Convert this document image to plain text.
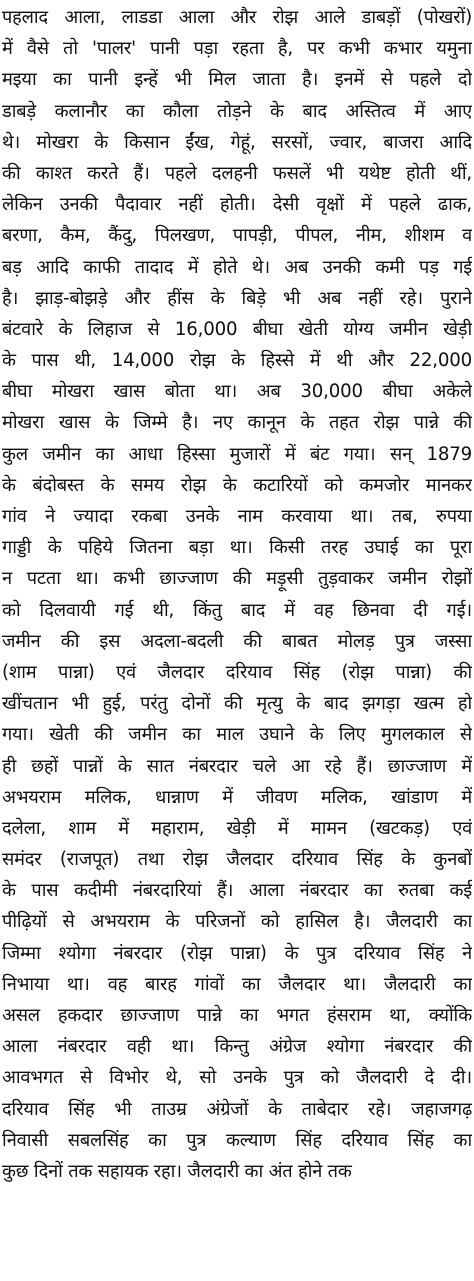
पहलाद आला, लाडडा आला और रोझ आले डाबड़ों (पोखरों)
में वैसे तो 'पालर' पानी पड़ा रहता है, पर कभी कभार यमुना
मइया का पानी इन्हें भी मिल जाता है। इनमें से पहले दो
डाबड़े कलानौर का कौला तोड़ने के बाद अस्तित्व में आए
थे। मोखरा के किसान ईंख, गेहूं, सरसों, ज्वार, बाजरा आदि
की काश्त करते हैं। पहले दलहनी फसलें भी यथेष्ट होती थीं,
लेकिन उनकी पैदावार नहीं होती। देसी वृक्षों में पहले ढाक,
बरणा, कैम, कैंदु, पिलखण, पापड़ी, पीपल, नीम, शीशम व
बड़ आदि काफी तादाद में होते थे। अब उनकी कमी पड़ गई
है। झाड़-बोझड़े और हींस के बिड़े भी अब नहीं रहे। पुराने
बंटवारे के लिहाज से 16,000 बीघा खेती योग्य जमीन खेड़ी
के पास थी, 14,000 रोझ के हिस्से में थी और 22,000
बीघा मोखरा खास बोता था। अब 30,000 बीघा अकेले
मोखरा खास के जिम्मे है। नए कानून के तहत रोझ पान्ने की
कुल जमीन का आधा हिस्सा मुजारों में बंट गया। सन् 1879
के बंदोबस्त के समय रोझ के कटारियों को कमजोर मानकर
गांव ने ज्यादा रकबा उनके नाम करवाया था। तब, रुपया
गाड्डी के पहिये जितना बड़ा था। किसी तरह उघाई का पूरा
न पटता था। कभी छाज्जाण की मड़ूसी तुड़वाकर जमीन रोझों
को दिलवायी गई थी, किंतु बाद में वह छिनवा दी गई।
जमीन की इस अदला-बदली की बाबत मोलड़ पुत्र जस्सा
(शाम पान्ना) एवं जैलदार दरियाव सिंह (रोझ पान्ना) की
खींचतान भी हुई, परंतु दोनों की मृत्यु के बाद झगड़ा खत्म हो
गया। खेती की जमीन का माल उघाने के लिए मुगलकाल से
ही छहों पान्नों के सात नंबरदार चले आ रहे हैं। छाज्जाण में
अभयराम मलिक, धान्नाण में जीवण मलिक, खांडाण में
दलेला, शाम में महाराम, खेड़ी में मामन (खटकड़) एवं
समंदर (राजपूत) तथा रोझ जैलदार दरियाव सिंह के कुनबों
के पास कदीमी नंबरदारियां हैं। आला नंबरदार का रुतबा कई
पीढ़ियों से अभयराम के परिजनों को हासिल है। जैलदारी का
जिम्मा श्योगा नंबरदार (रोझ पान्ना) के पुत्र दरियाव सिंह ने
निभाया था। वह बारह गांवों का जैलदार था। जैलदारी का
असल हकदार छाज्जाण पान्ने का भगत हंसराम था, क्योंकि
आला नंबरदार वही था। किन्तु अंग्रेज श्योगा नंबरदार की
आवभगत से विभोर थे, सो उनके पुत्र को जैलदारी दे दी।
दरियाव सिंह भी ताउम्र अंग्रेजों के ताबेदार रहे। जहाजगढ़
निवासी सबलसिंह का पुत्र कल्याण सिंह दरियाव सिंह का
कुछ दिनों तक सहायक रहा। जैलदारी का अंत होने तक
